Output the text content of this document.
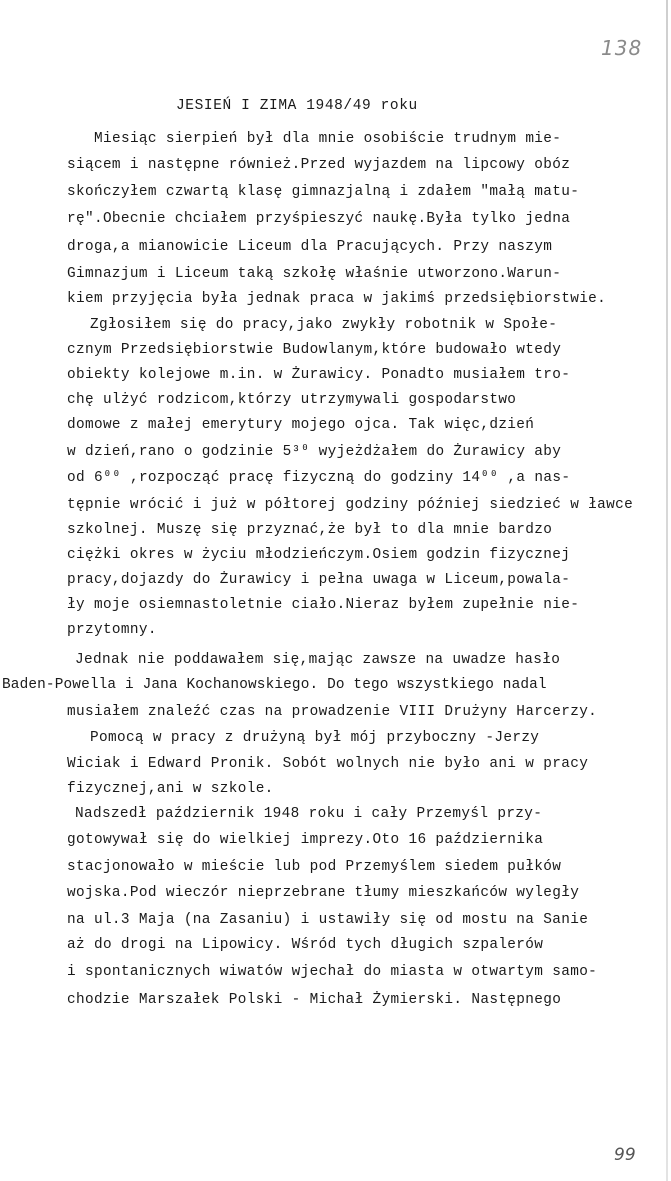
138
JESIEŃ I ZIMA 1948/49 roku
Miesiąc sierpień był dla mnie osobiście trudnym mie-
siącem i następne również.Przed wyjazdem na lipcowy obóz
skończyłem czwartą klasę gimnazjalną i zdałem "małą matu-
rę".Obecnie chciałem przyśpieszyć naukę.Była tylko jedna
droga,a mianowicie Liceum dla Pracujących. Przy naszym
Gimnazjum i Liceum taką szkołę właśnie utworzono.Warun-
kiem przyjęcia była jednak praca w jakimś przedsiębiorstwie.
Zgłosiłem się do pracy,jako zwykły robotnik w Społe-
cznym Przedsiębiorstwie Budowlanym,które budowało wtedy
obiekty kolejowe m.in. w Żurawicy. Ponadto musiałem tro-
chę ulżyć rodzicom,którzy utrzymywali gospodarstwo
domowe z małej emerytury mojego ojca. Tak więc,dzień
w dzień,rano o godzinie 5³⁰ wyjeżdżałem do Żurawicy aby
od 6⁰⁰ ,rozpocząć pracę fizyczną do godziny 14⁰⁰ ,a nas-
tępnie wrócić i już w półtorej godziny później siedzieć w ławce
szkolnej. Muszę się przyznać,że był to dla mnie bardzo
ciężki okres w życiu młodzieńczym.Osiem godzin fizycznej
pracy,dojazdy do Żurawicy i pełna uwaga w Liceum,powala-
ły moje osiemnastoletnie ciało.Nieraz byłem zupełnie nie-
przytomny.
Jednak nie poddawałem się,mając zawsze na uwadze hasło
Baden-Powella i Jana Kochanowskiego. Do tego wszystkiego nadal
musiałem znaleźć czas na prowadzenie VIII Drużyny Harcerzy.
Pomocą w pracy z drużyną był mój przyboczny -Jerzy
Wiciak i Edward Pronik. Sobót wolnych nie było ani w pracy
fizycznej,ani w szkole.
Nadszedł październik 1948 roku i cały Przemyśl przy-
gotowywał się do wielkiej imprezy.Oto 16 października
stacjonowało w mieście lub pod Przemyślem siedem pułków
wojska.Pod wieczór nieprzebrane tłumy mieszkańców wyległy
na ul.3 Maja (na Zasaniu) i ustawiły się od mostu na Sanie
aż do drogi na Lipowicy. Wśród tych długich szpalerów
i spontanicznych wiwatów wjechał do miasta w otwartym samo-
chodzie Marszałek Polski - Michał Żymierski. Następnego
99
